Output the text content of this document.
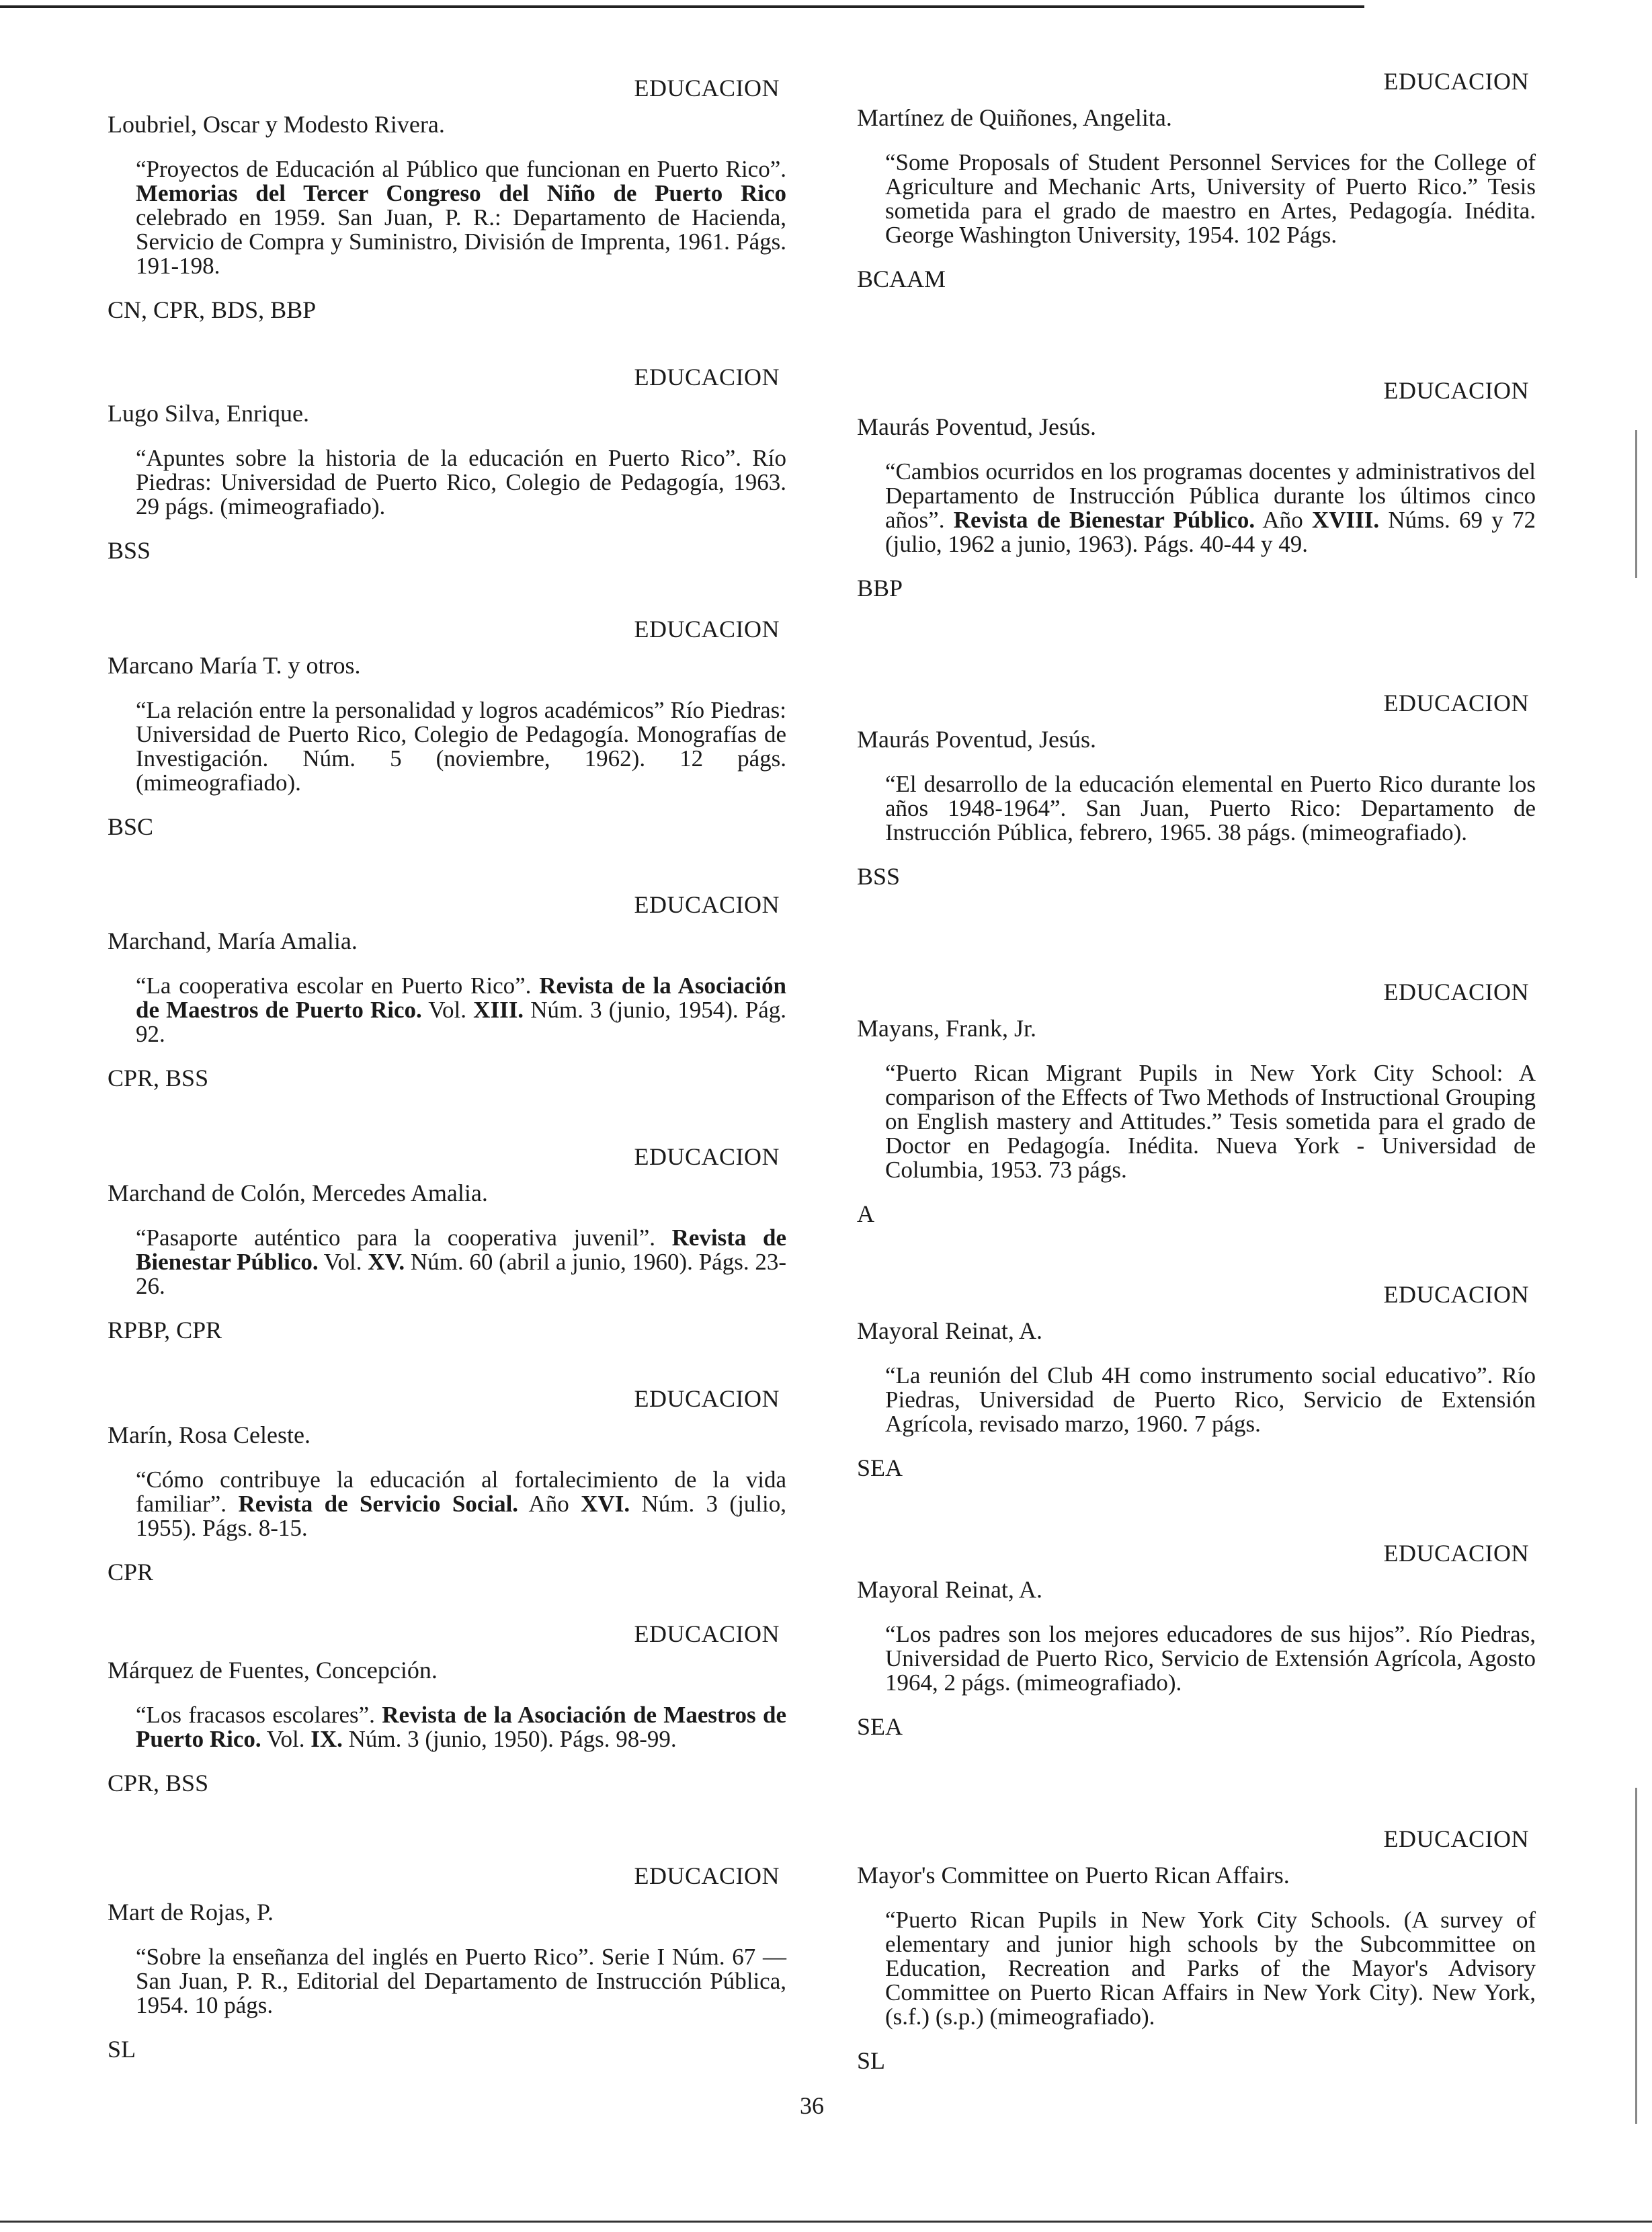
EDUCACION
Loubriel, Oscar y Modesto Rivera.
“Proyectos de Educación al Público que funcionan en Puerto Rico”. Memorias del Tercer Congreso del Niño de Puerto Rico celebrado en 1959. San Juan, P. R.: Departamento de Hacienda, Servicio de Compra y Suministro, División de Imprenta, 1961. Págs. 191-198.
CN, CPR, BDS, BBP
EDUCACION
Lugo Silva, Enrique.
“Apuntes sobre la historia de la educación en Puerto Rico”. Río Piedras: Universidad de Puerto Rico, Colegio de Pedagogía, 1963. 29 págs. (mimeografiado).
BSS
EDUCACION
Marcano María T. y otros.
“La relación entre la personalidad y logros académicos” Río Piedras: Universidad de Puerto Rico, Colegio de Pedagogía. Monografías de Investigación. Núm. 5 (noviembre, 1962). 12 págs. (mimeografiado).
BSC
EDUCACION
Marchand, María Amalia.
“La cooperativa escolar en Puerto Rico”. Revista de la Asociación de Maestros de Puerto Rico. Vol. XIII. Núm. 3 (junio, 1954). Pág. 92.
CPR, BSS
EDUCACION
Marchand de Colón, Mercedes Amalia.
“Pasaporte auténtico para la cooperativa juvenil”. Revista de Bienestar Público. Vol. XV. Núm. 60 (abril a junio, 1960). Págs. 23-26.
RPBP, CPR
EDUCACION
Marín, Rosa Celeste.
“Cómo contribuye la educación al fortalecimiento de la vida familiar”. Revista de Servicio Social. Año XVI. Núm. 3 (julio, 1955). Págs. 8-15.
CPR
EDUCACION
Márquez de Fuentes, Concepción.
“Los fracasos escolares”. Revista de la Asociación de Maestros de Puerto Rico. Vol. IX. Núm. 3 (junio, 1950). Págs. 98-99.
CPR, BSS
EDUCACION
Mart de Rojas, P.
“Sobre la enseñanza del inglés en Puerto Rico”. Serie I Núm. 67 — San Juan, P. R., Editorial del Departamento de Instrucción Pública, 1954. 10 págs.
SL
EDUCACION
Martínez de Quiñones, Angelita.
“Some Proposals of Student Personnel Services for the College of Agriculture and Mechanic Arts, University of Puerto Rico.” Tesis sometida para el grado de maestro en Artes, Pedagogía. Inédita. George Washington University, 1954. 102 Págs.
BCAAM
EDUCACION
Maurás Poventud, Jesús.
“Cambios ocurridos en los programas docentes y administrativos del Departamento de Instrucción Pública durante los últimos cinco años”. Revista de Bienestar Público. Año XVIII. Núms. 69 y 72 (julio, 1962 a junio, 1963). Págs. 40-44 y 49.
BBP
EDUCACION
Maurás Poventud, Jesús.
“El desarrollo de la educación elemental en Puerto Rico durante los años 1948-1964”. San Juan, Puerto Rico: Departamento de Instrucción Pública, febrero, 1965. 38 págs. (mimeografiado).
BSS
EDUCACION
Mayans, Frank, Jr.
“Puerto Rican Migrant Pupils in New York City School: A comparison of the Effects of Two Methods of Instructional Grouping on English mastery and Attitudes.” Tesis sometida para el grado de Doctor en Pedagogía. Inédita. Nueva York - Universidad de Columbia, 1953. 73 págs.
A
EDUCACION
Mayoral Reinat, A.
“La reunión del Club 4H como instrumento social educativo”. Río Piedras, Universidad de Puerto Rico, Servicio de Extensión Agrícola, revisado marzo, 1960. 7 págs.
SEA
EDUCACION
Mayoral Reinat, A.
“Los padres son los mejores educadores de sus hijos”. Río Piedras, Universidad de Puerto Rico, Servicio de Extensión Agrícola, Agosto 1964, 2 págs. (mimeografiado).
SEA
EDUCACION
Mayor's Committee on Puerto Rican Affairs.
“Puerto Rican Pupils in New York City Schools. (A survey of elementary and junior high schools by the Subcommittee on Education, Recreation and Parks of the Mayor's Advisory Committee on Puerto Rican Affairs in New York City). New York, (s.f.) (s.p.) (mimeografiado).
SL
36
